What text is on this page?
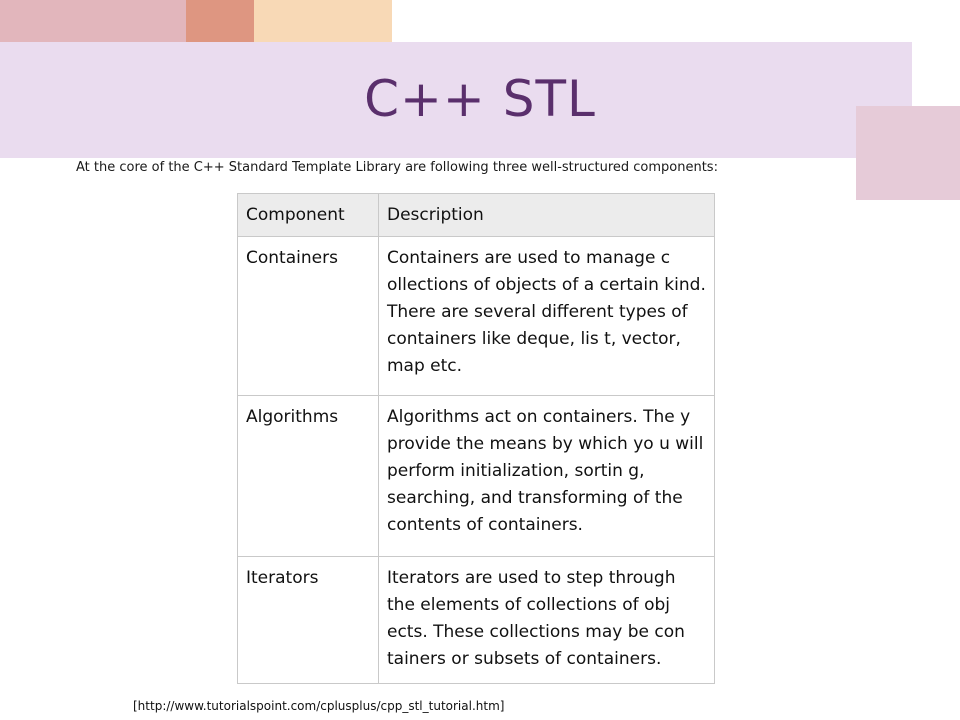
C++ STL
At the core of the C++ Standard Template Library are following three well-structured components:
Component	Description
Containers	Containers are used to manage c ollections of objects of a certain kind. There are several different types of containers like deque, lis t, vector, map etc.
Algorithms	Algorithms act on containers. The y provide the means by which yo u will perform initialization, sortin g, searching, and transforming of the contents of containers.
Iterators	Iterators are used to step through the elements of collections of obj ects. These collections may be con tainers or subsets of containers.
[http://www.tutorialspoint.com/cplusplus/cpp_stl_tutorial.htm]
